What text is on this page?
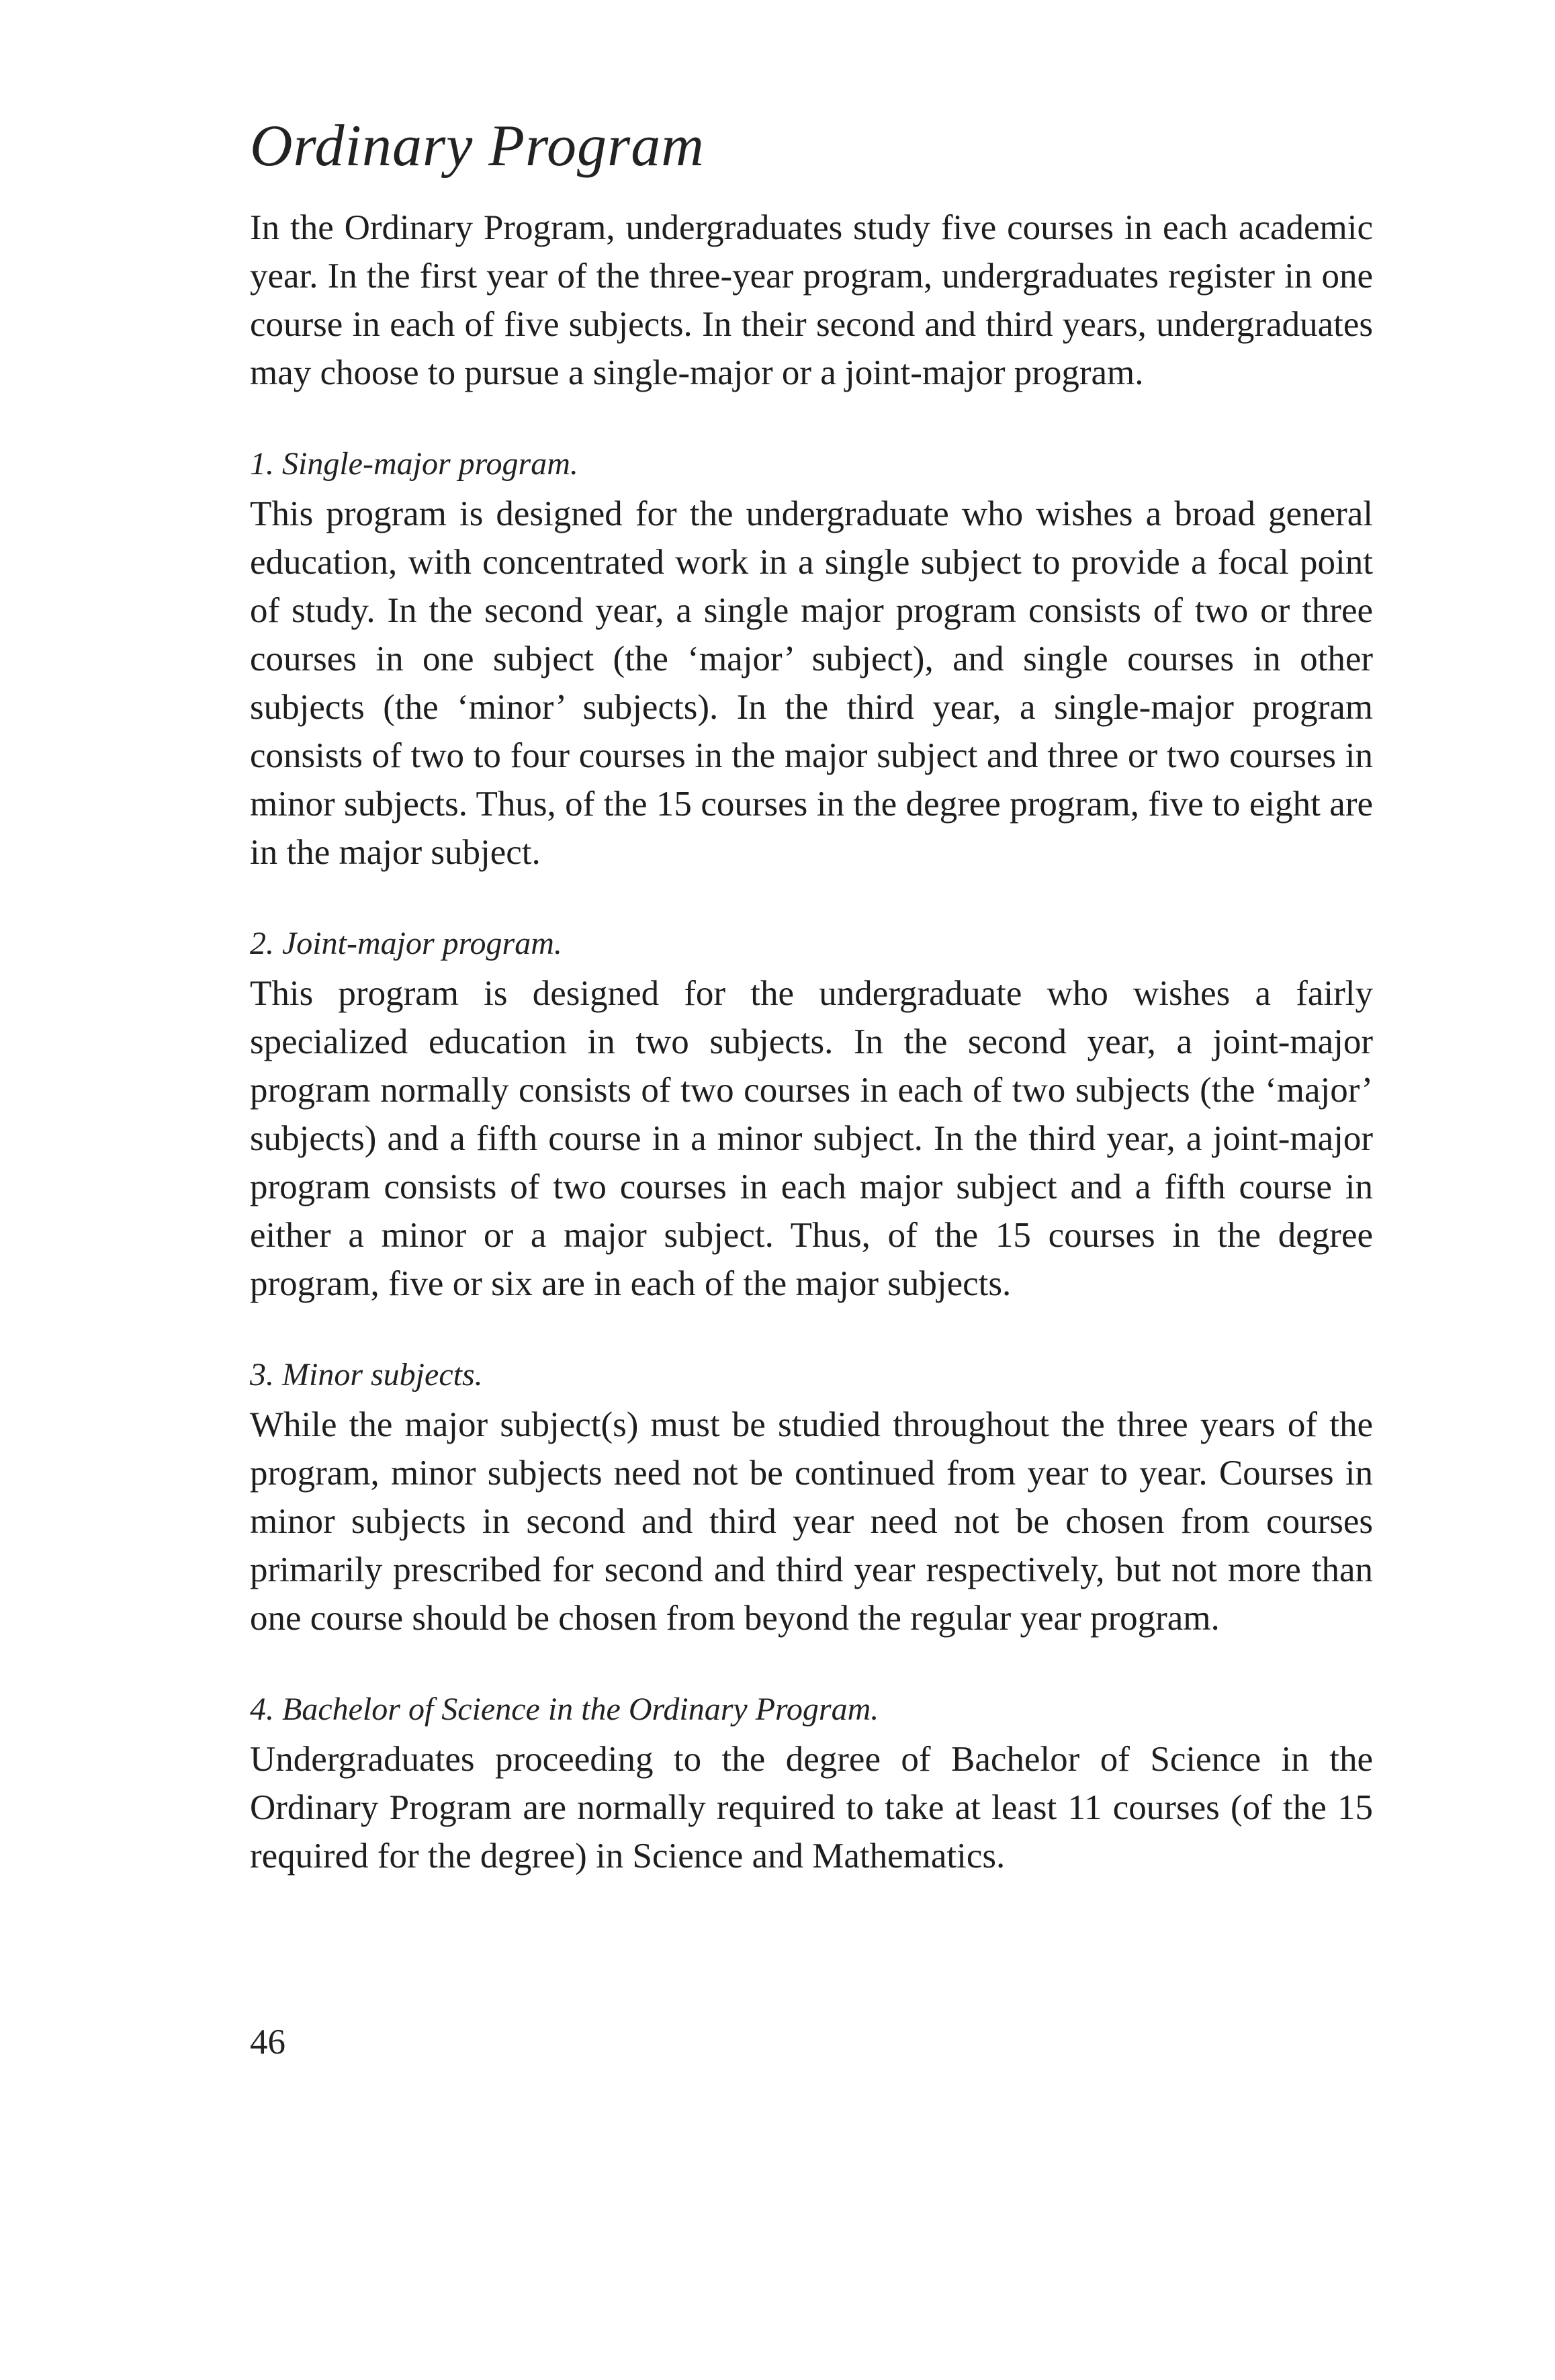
Ordinary Program

In the Ordinary Program, undergraduates study five courses in each academic year. In the first year of the three-year program, undergraduates register in one course in each of five subjects. In their second and third years, undergraduates may choose to pursue a single-major or a joint-major program.

1. Single-major program.

This program is designed for the undergraduate who wishes a broad general education, with concentrated work in a single subject to provide a focal point of study. In the second year, a single major program consists of two or three courses in one subject (the ‘major’ subject), and single courses in other subjects (the ‘minor’ subjects). In the third year, a single-major program consists of two to four courses in the major subject and three or two courses in minor subjects. Thus, of the 15 courses in the degree program, five to eight are in the major subject.

2. Joint-major program.

This program is designed for the undergraduate who wishes a fairly specialized education in two subjects. In the second year, a joint-major program normally consists of two courses in each of two subjects (the ‘major’ subjects) and a fifth course in a minor subject. In the third year, a joint-major program consists of two courses in each major subject and a fifth course in either a minor or a major subject. Thus, of the 15 courses in the degree program, five or six are in each of the major subjects.

3. Minor subjects.

While the major subject(s) must be studied throughout the three years of the program, minor subjects need not be continued from year to year. Courses in minor subjects in second and third year need not be chosen from courses primarily prescribed for second and third year respectively, but not more than one course should be chosen from beyond the regular year program.

4. Bachelor of Science in the Ordinary Program.

Undergraduates proceeding to the degree of Bachelor of Science in the Ordinary Program are normally required to take at least 11 courses (of the 15 required for the degree) in Science and Mathematics.

46
